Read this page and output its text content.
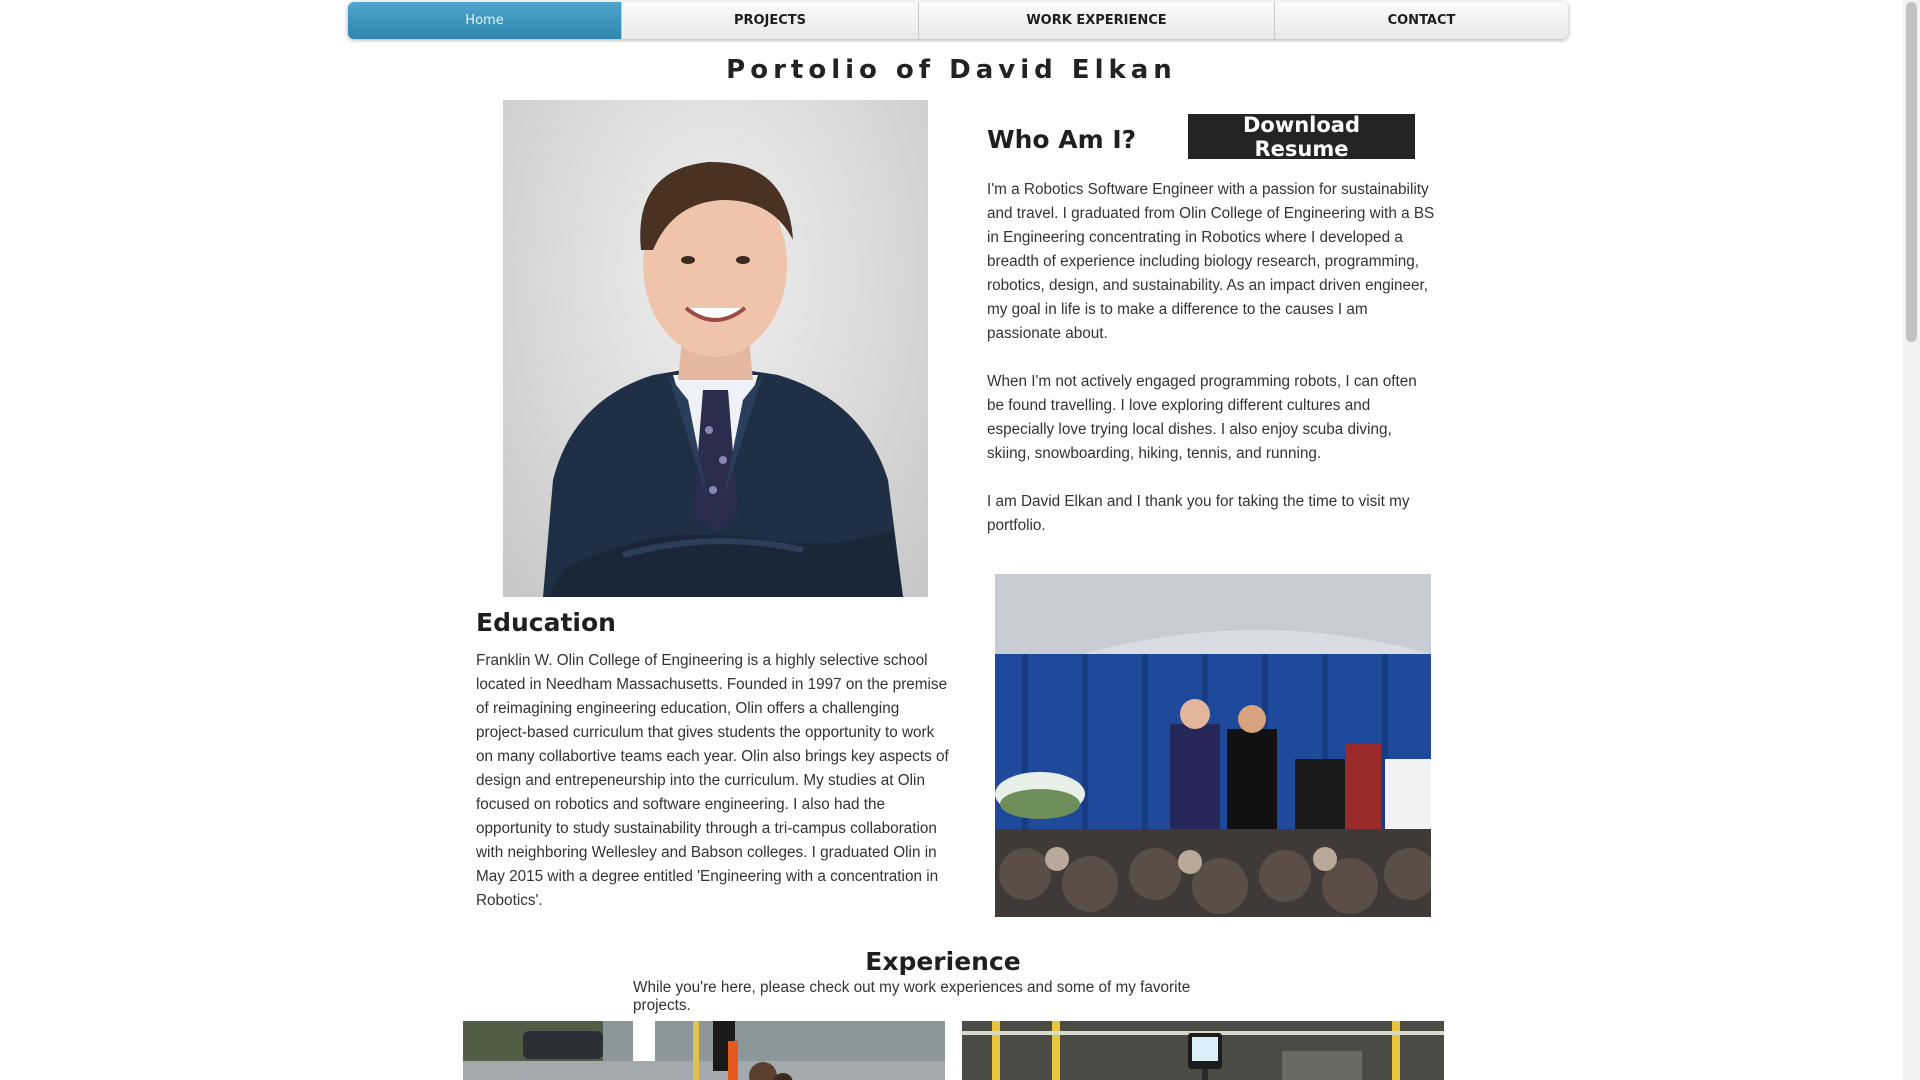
Home	PROJECTS	WORK EXPERIENCE	CONTACT
Portolio of David Elkan
Who Am I?
Download Resume

I'm a Robotics Software Engineer with a passion for sustainability and travel. I graduated from Olin College of Engineering with a BS in Engineering concentrating in Robotics where I developed a breadth of experience including biology research, programming, robotics, design, and sustainability. As an impact driven engineer, my goal in life is to make a difference to the causes I am passionate about.

When I'm not actively engaged programming robots, I can often be found travelling. I love exploring different cultures and especially love trying local dishes. I also enjoy scuba diving, skiing, snowboarding, hiking, tennis, and running.

I am David Elkan and I thank you for taking the time to visit my portfolio.

Education

Franklin W. Olin College of Engineering is a highly selective school located in Needham Massachusetts. Founded in 1997 on the premise of reimagining engineering education, Olin offers a challenging project-based curriculum that gives students the opportunity to work on many collabortive teams each year. Olin also brings key aspects of design and entrepeneurship into the curriculum. My studies at Olin focused on robotics and software engineering. I also had the opportunity to study sustainability through a tri-campus collaboration with neighboring Wellesley and Babson colleges. I graduated Olin in May 2015 with a degree entitled 'Engineering with a concentration in Robotics'.

Experience
While you're here, please check out my work experiences and some of my favorite projects.
